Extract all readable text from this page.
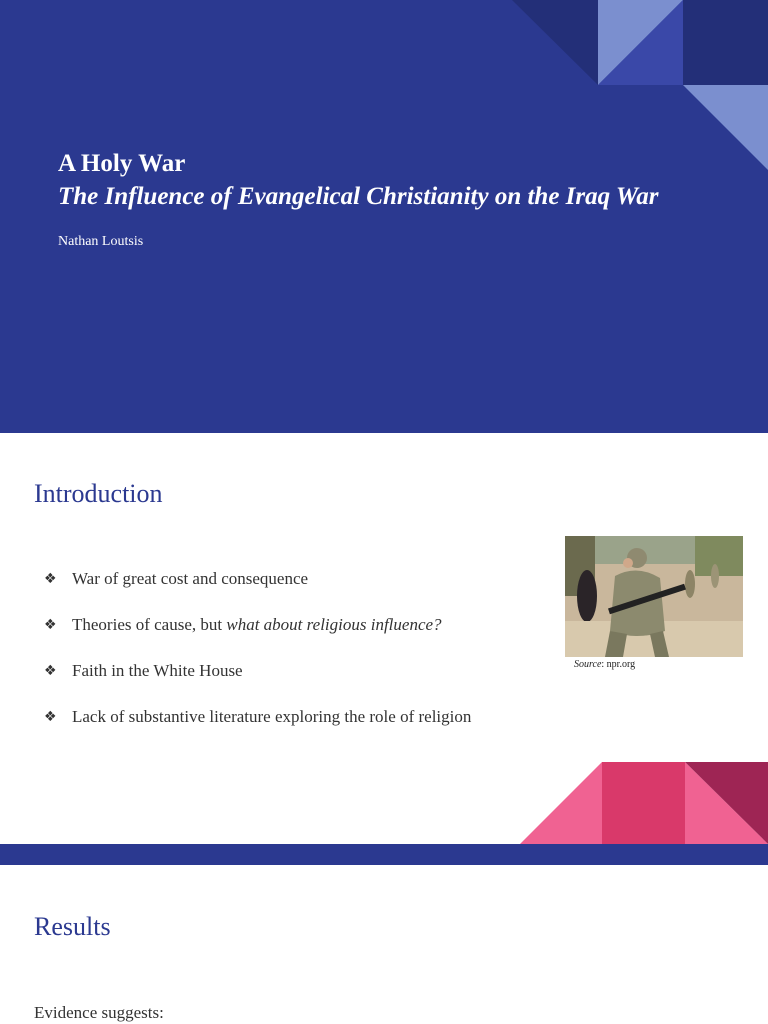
A Holy War
The Influence of Evangelical Christianity on the Iraq War
Nathan Loutsis
Introduction
❖ War of great cost and consequence
❖ Theories of cause, but what about religious influence?
❖ Faith in the White House
❖ Lack of substantive literature exploring the role of religion
Source: npr.org
Results
Evidence suggests:
